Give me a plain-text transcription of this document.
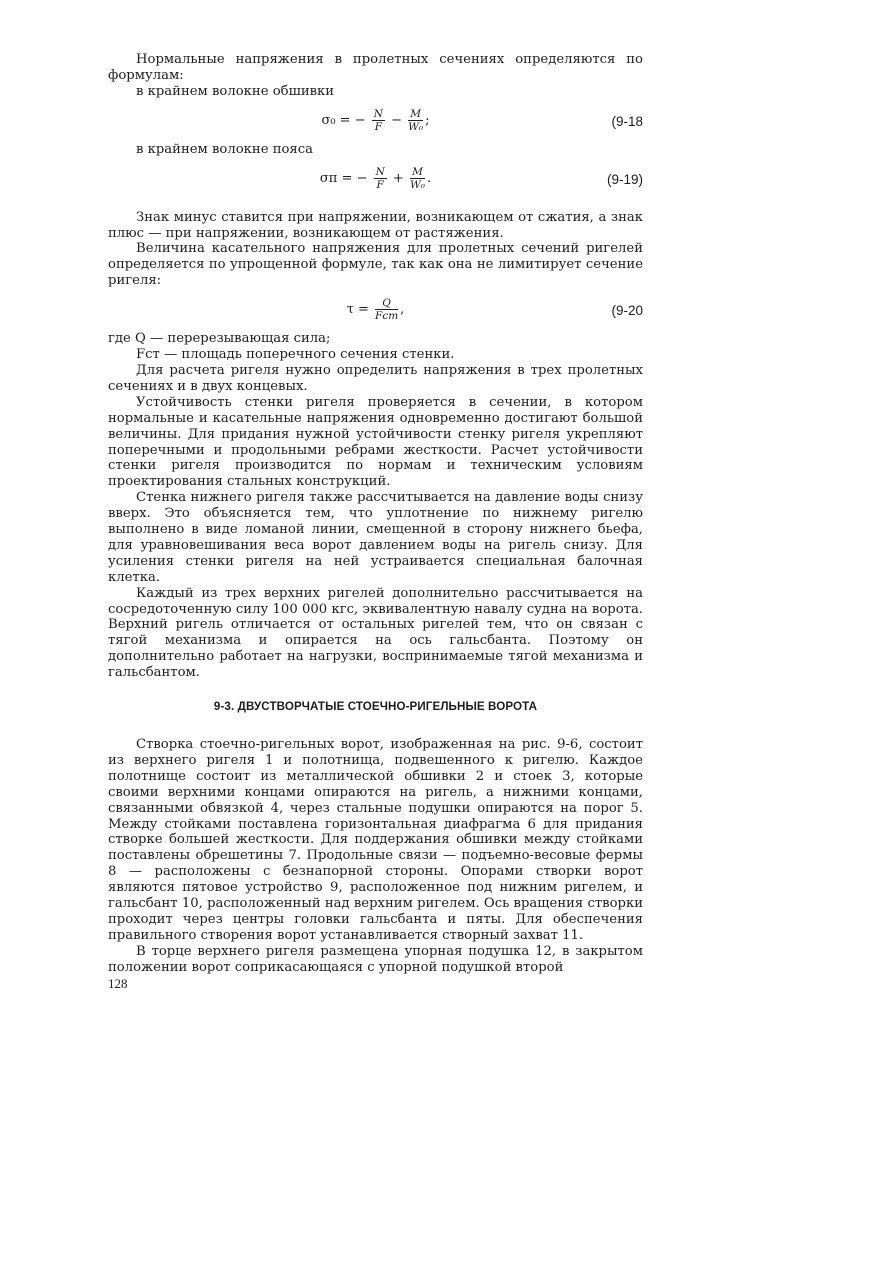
Нормальные напряжения в пролетных сечениях определяются по формулам:

в крайнем волокне обшивки

σ₀ = − $\frac{N}{F} - \frac{M}{\text{W₀}}$ ;	(9-18

в крайнем волокне пояса

σп = − $\frac{N}{F} + \frac{M}{\text{W₀}}$ .	(9-19)

Знак минус ставится при напряжении, возникающем от сжатия, а знак плюс — при напряжении, возникающем от растяжения.

Величина касательного напряжения для пролетных сечений ригелей определяется по упрощенной формуле, так как она не лимитирует сечение ригеля:

$\tau = \frac{Q}{\text{Fст}}$ ,	(9-20

где Q — перерезывающая сила;

Fст — площадь поперечного сечения стенки.

Для расчета ригеля нужно определить напряжения в трех пролетных сечениях и в двух концевых.

Устойчивость стенки ригеля проверяется в сечении, в котором нормальные и касательные напряжения одновременно достигают большой величины. Для придания нужной устойчивости стенку ригеля укрепляют поперечными и продольными ребрами жесткости. Расчет устойчивости стенки ригеля производится по нормам и техническим условиям проектирования стальных конструкций.

Стенка нижнего ригеля также рассчитывается на давление воды снизу вверх. Это объясняется тем, что уплотнение по нижнему ригелю выполнено в виде ломаной линии, смещенной в сторону нижнего бьефа, для уравновешивания веса ворот давлением воды на ригель снизу. Для усиления стенки ригеля на ней устраивается специальная балочная клетка.

Каждый из трех верхних ригелей дополнительно рассчитывается на сосредоточенную силу 100 000 кгс, эквивалентную навалу судна на ворота. Верхний ригель отличается от остальных ригелей тем, что он связан с тягой механизма и опирается на ось гальсбанта. Поэтому он дополнительно работает на нагрузки, воспринимаемые тягой механизма и гальсбантом.

9-3. ДВУСТВОРЧАТЫЕ СТОЕЧНО-РИГЕЛЬНЫЕ ВОРОТА

Створка стоечно-ригельных ворот, изображенная на рис. 9-6, состоит из верхнего ригеля 1 и полотнища, подвешенного к ригелю. Каждое полотнище состоит из металлической обшивки 2 и стоек 3, которые своими верхними концами опираются на ригель, а нижними концами, связанными обвязкой 4, через стальные подушки опираются на порог 5. Между стойками поставлена горизонтальная диафрагма 6 для придания створке большей жесткости. Для поддержания обшивки между стойками поставлены обрешетины 7. Продольные связи — подъемно-весовые фермы 8 — расположены с безнапорной стороны. Опорами створки ворот являются пятовое устройство 9, расположенное под нижним ригелем, и гальсбант 10, расположенный над верхним ригелем. Ось вращения створки проходит через центры головки гальсбанта и пяты. Для обеспечения правильного створения ворот устанавливается створный захват 11.

В торце верхнего ригеля размещена упорная подушка 12, в закрытом положении ворот соприкасающаяся с упорной подушкой второй

128
